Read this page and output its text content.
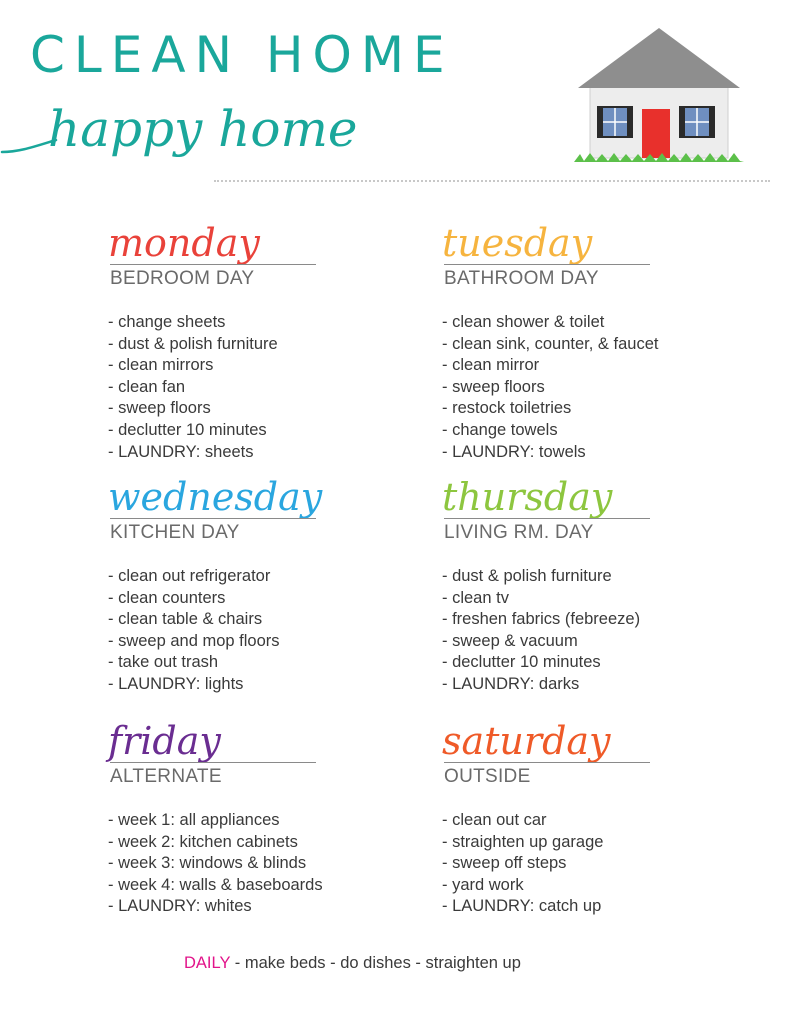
CLEAN HOME
happy home
monday
BEDROOM DAY
- change sheets
- dust & polish furniture
- clean mirrors
- clean fan
- sweep floors
- declutter 10 minutes
- LAUNDRY: sheets
tuesday
BATHROOM DAY
- clean shower & toilet
- clean sink, counter, & faucet
- clean mirror
- sweep floors
- restock toiletries
- change towels
- LAUNDRY: towels
wednesday
KITCHEN DAY
- clean out refrigerator
- clean counters
- clean table & chairs
- sweep and mop floors
- take out trash
- LAUNDRY: lights
thursday
LIVING RM. DAY
- dust & polish furniture
- clean tv
- freshen fabrics (febreeze)
- sweep & vacuum
- declutter 10 minutes
- LAUNDRY: darks
friday
ALTERNATE
- week 1: all appliances
- week 2: kitchen cabinets
- week 3: windows & blinds
- week 4: walls & baseboards
- LAUNDRY: whites
saturday
OUTSIDE
- clean out car
- straighten up garage
- sweep off steps
- yard work
- LAUNDRY: catch up
DAILY - make beds - do dishes - straighten up
